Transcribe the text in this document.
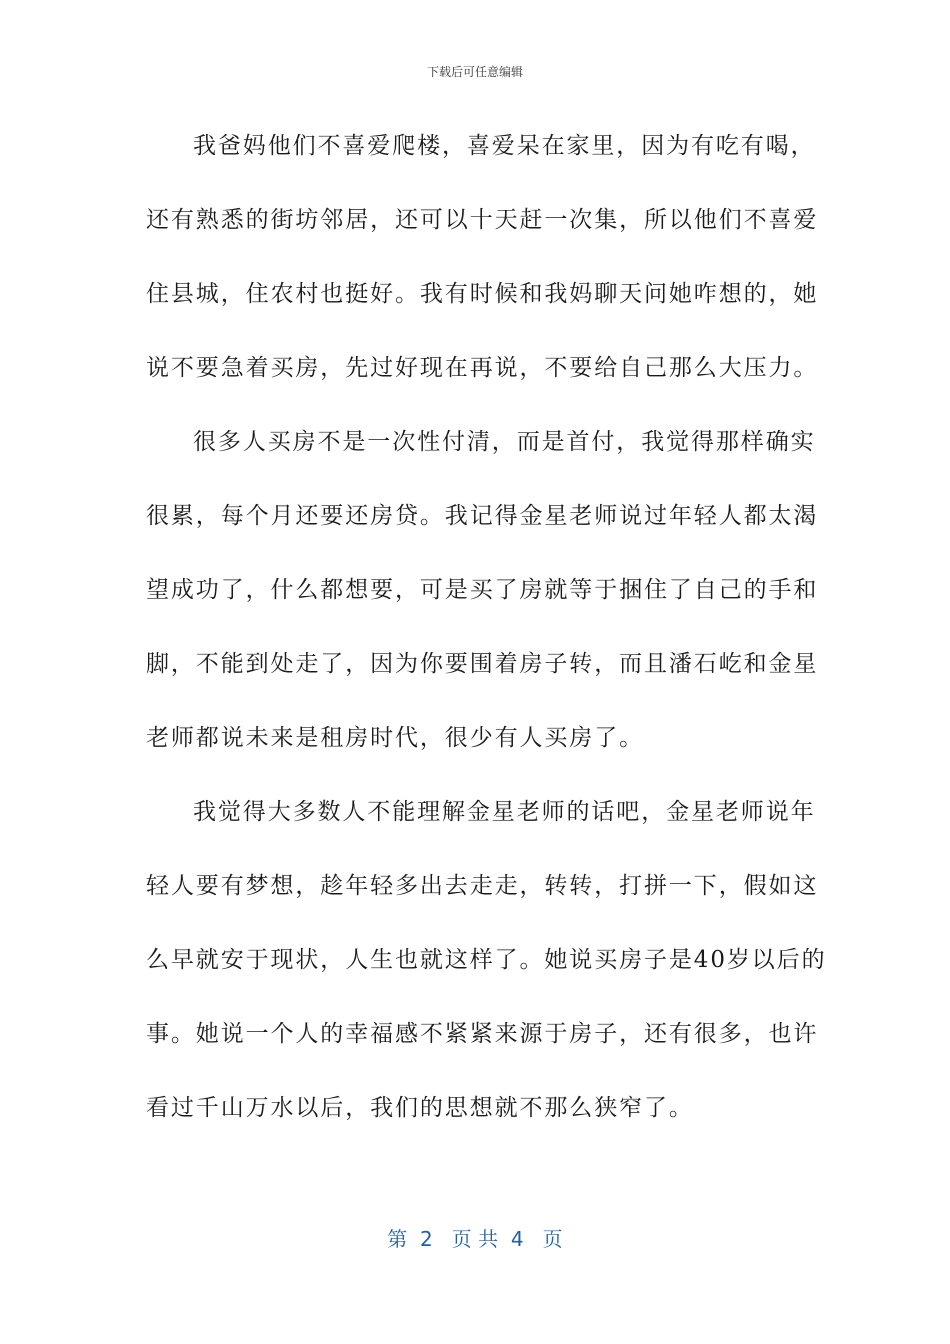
下载后可任意编辑
我爸妈他们不喜爱爬楼，喜爱呆在家里，因为有吃有喝，
还有熟悉的街坊邻居，还可以十天赶一次集，所以他们不喜爱
住县城，住农村也挺好。我有时候和我妈聊天问她咋想的，她
说不要急着买房，先过好现在再说，不要给自己那么大压力。
很多人买房不是一次性付清，而是首付，我觉得那样确实
很累，每个月还要还房贷。我记得金星老师说过年轻人都太渴
望成功了，什么都想要，可是买了房就等于捆住了自己的手和
脚，不能到处走了，因为你要围着房子转，而且潘石屹和金星
老师都说未来是租房时代，很少有人买房了。
我觉得大多数人不能理解金星老师的话吧，金星老师说年
轻人要有梦想，趁年轻多出去走走，转转，打拼一下，假如这
么早就安于现状，人生也就这样了。她说买房子是40岁以后的
事。她说一个人的幸福感不紧紧来源于房子，还有很多，也许
看过千山万水以后，我们的思想就不那么狭窄了。
第  2   页 共  4   页
